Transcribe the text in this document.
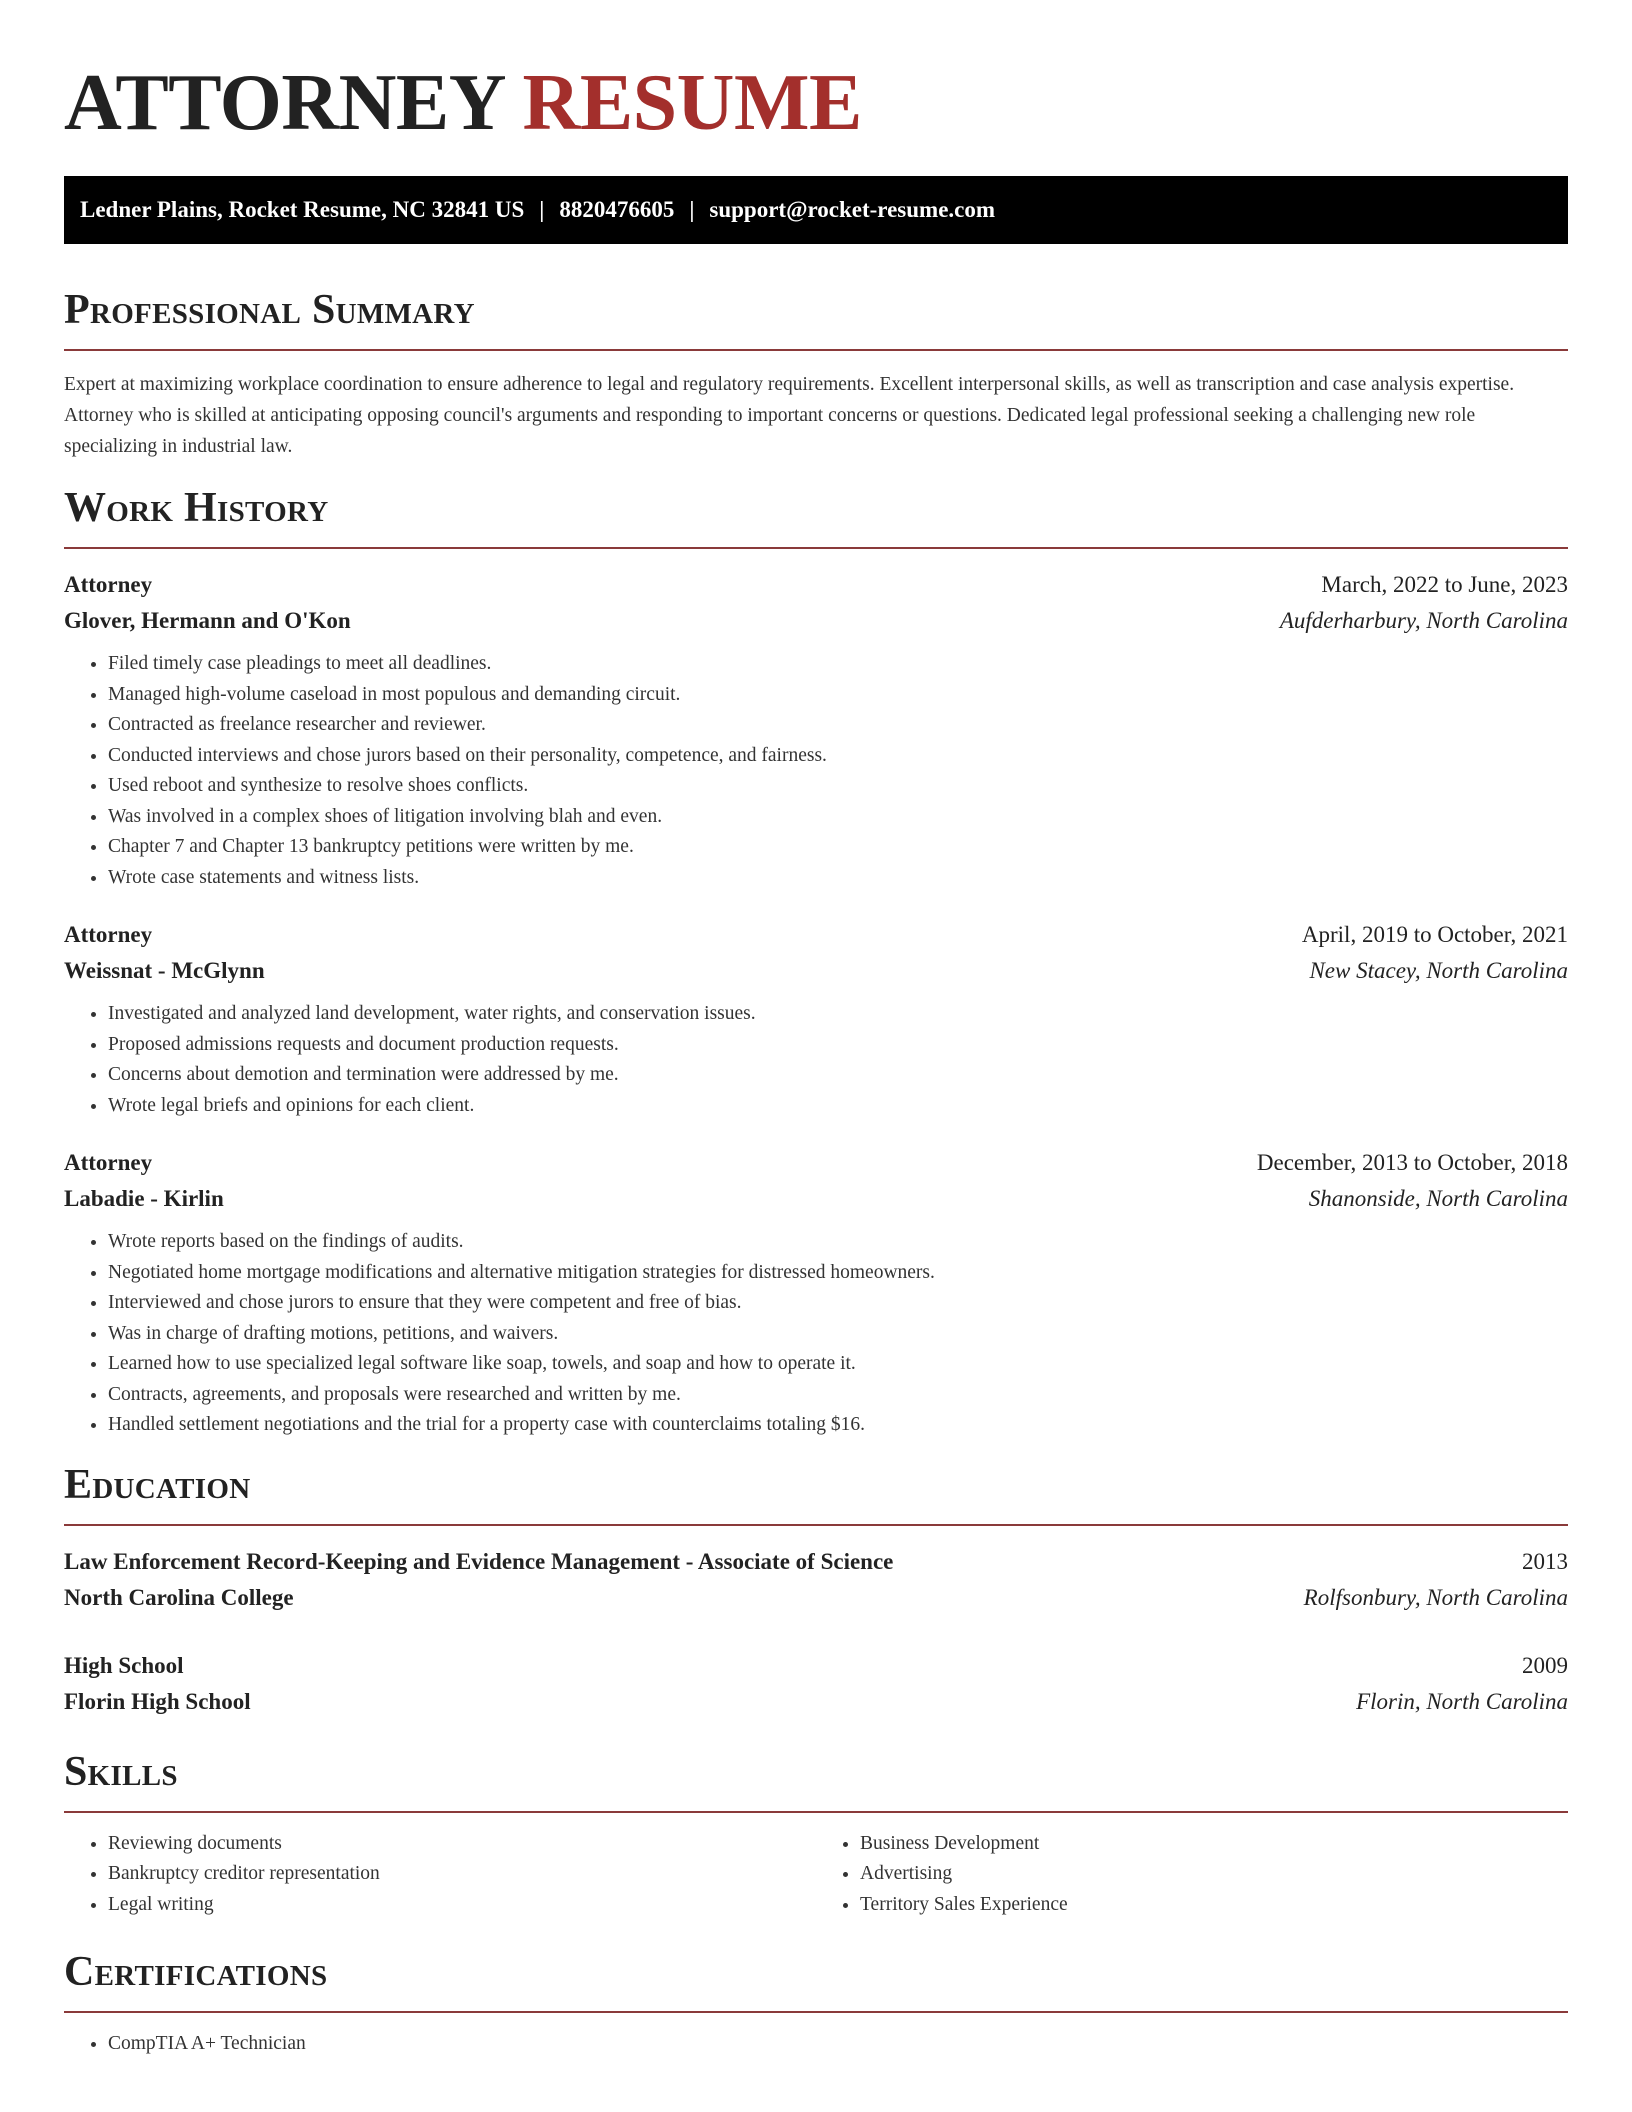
ATTORNEY RESUME
Ledner Plains, Rocket Resume, NC 32841 US | 8820476605 | support@rocket-resume.com
Professional Summary

Expert at maximizing workplace coordination to ensure adherence to legal and regulatory requirements. Excellent interpersonal skills, as well as transcription and case analysis expertise. Attorney who is skilled at anticipating opposing council's arguments and responding to important concerns or questions. Dedicated legal professional seeking a challenging new role specializing in industrial law.

Work History
Attorney	March, 2022 to June, 2023
Glover, Hermann and O'Kon	Aufderharbury, North Carolina
• Filed timely case pleadings to meet all deadlines.
• Managed high-volume caseload in most populous and demanding circuit.
• Contracted as freelance researcher and reviewer.
• Conducted interviews and chose jurors based on their personality, competence, and fairness.
• Used reboot and synthesize to resolve shoes conflicts.
• Was involved in a complex shoes of litigation involving blah and even.
• Chapter 7 and Chapter 13 bankruptcy petitions were written by me.
• Wrote case statements and witness lists.
Attorney	April, 2019 to October, 2021
Weissnat - McGlynn	New Stacey, North Carolina
• Investigated and analyzed land development, water rights, and conservation issues.
• Proposed admissions requests and document production requests.
• Concerns about demotion and termination were addressed by me.
• Wrote legal briefs and opinions for each client.
Attorney	December, 2013 to October, 2018
Labadie - Kirlin	Shanonside, North Carolina
• Wrote reports based on the findings of audits.
• Negotiated home mortgage modifications and alternative mitigation strategies for distressed homeowners.
• Interviewed and chose jurors to ensure that they were competent and free of bias.
• Was in charge of drafting motions, petitions, and waivers.
• Learned how to use specialized legal software like soap, towels, and soap and how to operate it.
• Contracts, agreements, and proposals were researched and written by me.
• Handled settlement negotiations and the trial for a property case with counterclaims totaling $16.
Education
Law Enforcement Record-Keeping and Evidence Management - Associate of Science	2013
North Carolina College	Rolfsonbury, North Carolina
High School	2009
Florin High School	Florin, North Carolina
Skills
• Reviewing documents
• Bankruptcy creditor representation
• Legal writing
• Business Development
• Advertising
• Territory Sales Experience
Certifications
• CompTIA A+ Technician
